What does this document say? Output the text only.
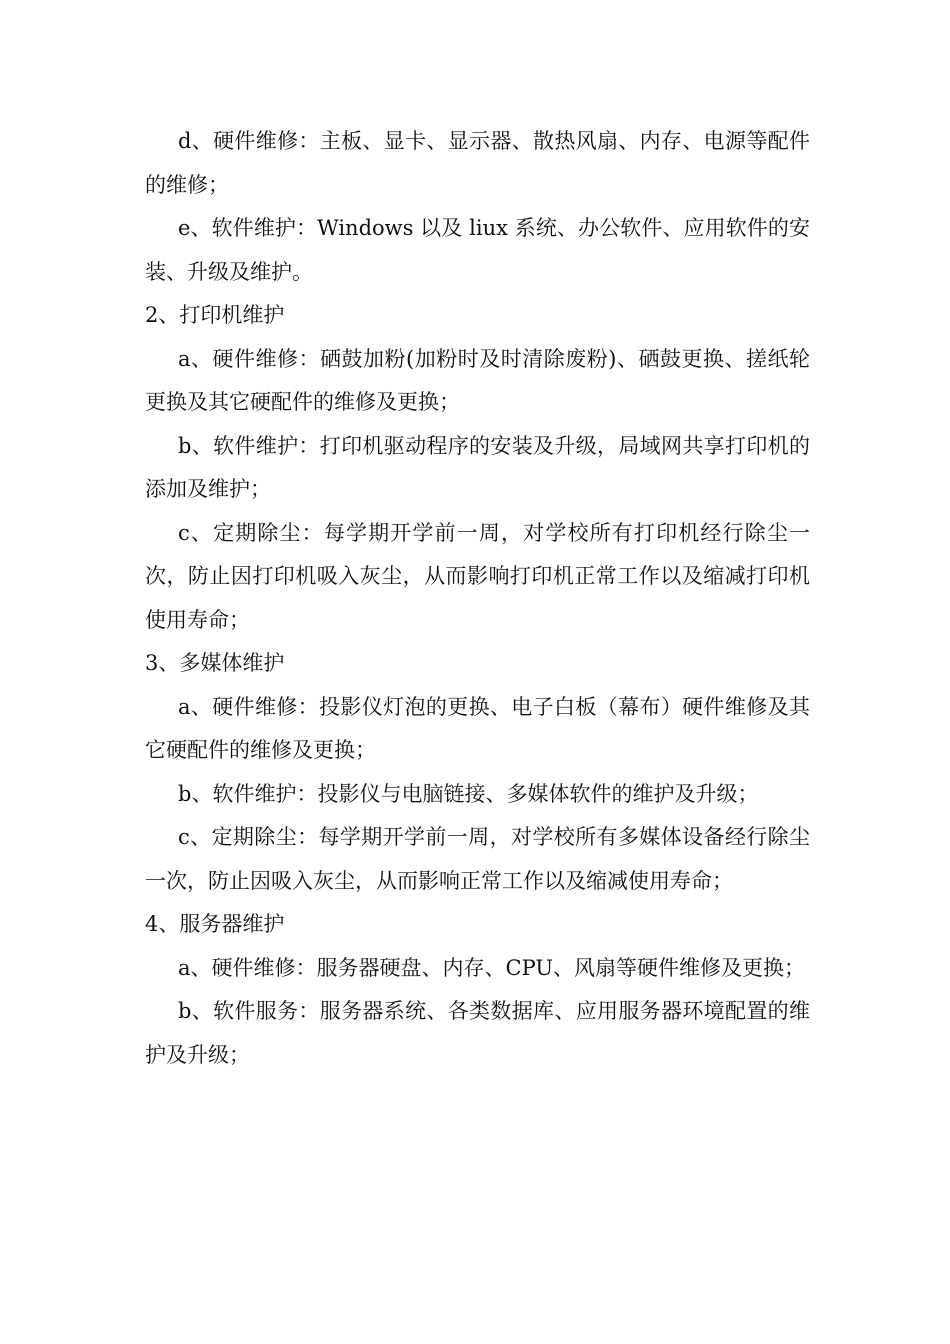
d、硬件维修：主板、显卡、显示器、散热风扇、内存、电源等配件的维修；

e、软件维护：Windows 以及 liux 系统、办公软件、应用软件的安装、升级及维护。

2、打印机维护

a、硬件维修：硒鼓加粉(加粉时及时清除废粉)、硒鼓更换、搓纸轮更换及其它硬配件的维修及更换；

b、软件维护：打印机驱动程序的安装及升级，局域网共享打印机的添加及维护；

c、定期除尘：每学期开学前一周，对学校所有打印机经行除尘一次，防止因打印机吸入灰尘，从而影响打印机正常工作以及缩减打印机使用寿命；

3、多媒体维护

a、硬件维修：投影仪灯泡的更换、电子白板（幕布）硬件维修及其它硬配件的维修及更换；

b、软件维护：投影仪与电脑链接、多媒体软件的维护及升级；

c、定期除尘：每学期开学前一周，对学校所有多媒体设备经行除尘一次，防止因吸入灰尘，从而影响正常工作以及缩减使用寿命；

4、服务器维护

a、硬件维修：服务器硬盘、内存、CPU、风扇等硬件维修及更换；

b、软件服务：服务器系统、各类数据库、应用服务器环境配置的维护及升级；
